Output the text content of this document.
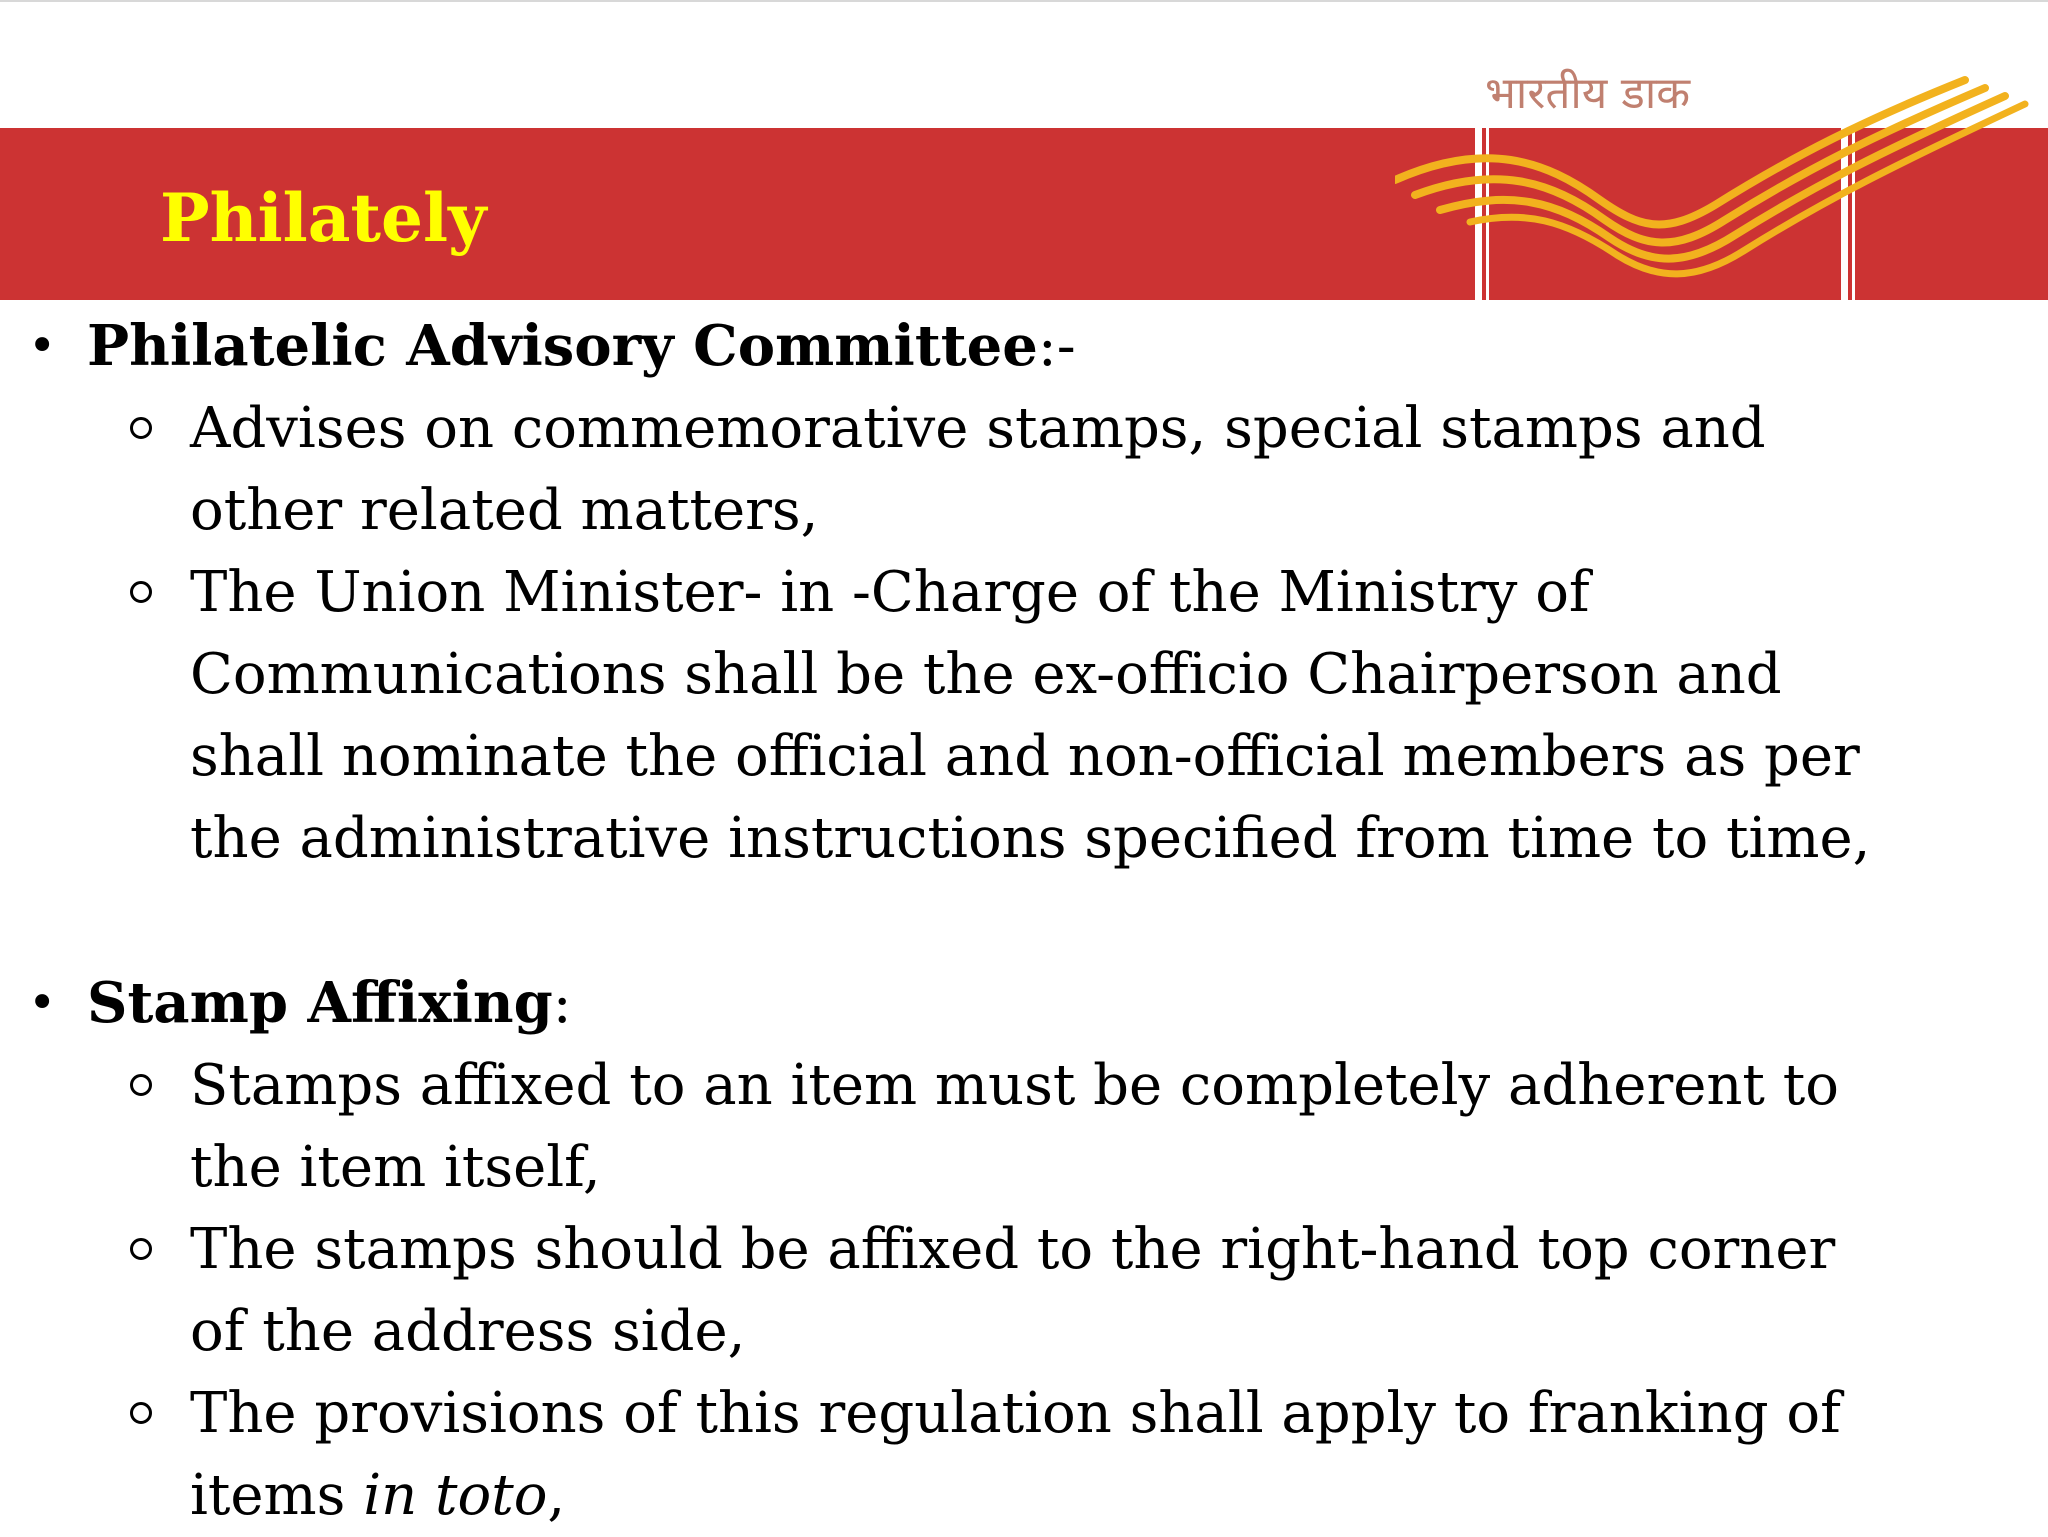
Philately
भारतीय डाक
• Philatelic Advisory Committee:-

Advises on commemorative stamps, special stamps and

other related matters,

The Union Minister- in -Charge of the Ministry of

Communications shall be the ex-officio Chairperson and

shall nominate the official and non-official members as per

the administrative instructions specified from time to time,

• Stamp Affixing:

Stamps affixed to an item must be completely adherent to

the item itself,

The stamps should be affixed to the right-hand top corner

of the address side,

The provisions of this regulation shall apply to franking of

items in toto,
